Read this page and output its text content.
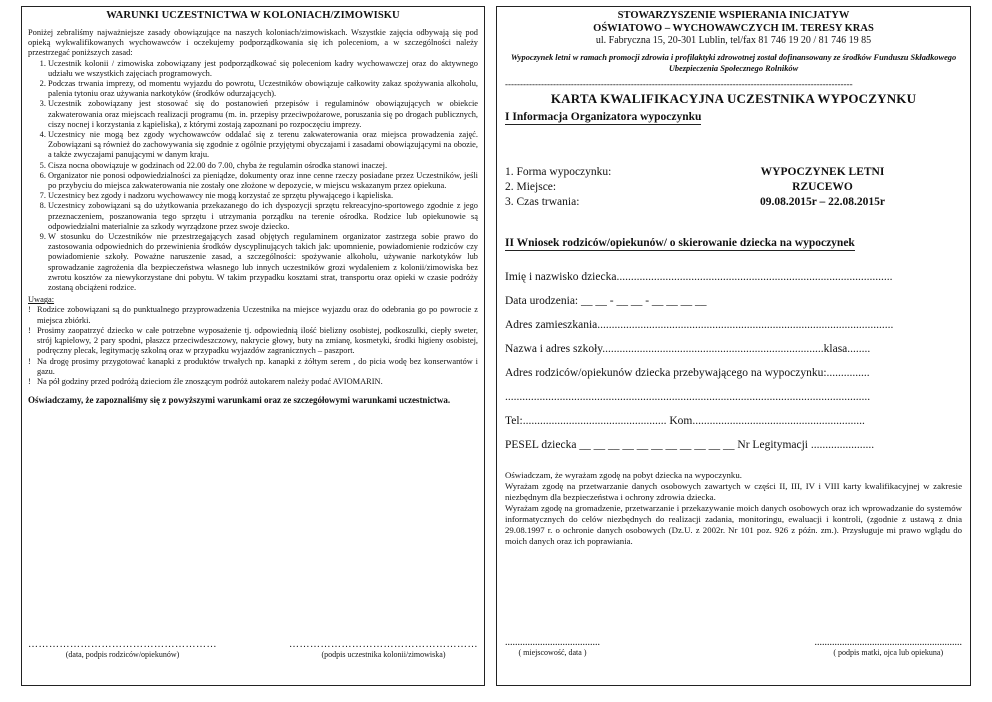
WARUNKI UCZESTNICTWA W KOLONIACH/ZIMOWISKU

Poniżej zebraliśmy najważniejsze zasady obowiązujące na naszych koloniach/zimowiskach. Wszystkie zajęcia odbywają się pod opieką wykwalifikowanych wychowawców i oczekujemy podporządkowania się ich poleceniom, a w szczególności należy przestrzegać poniższych zasad:

1. Uczestnik kolonii / zimowiska zobowiązany jest podporządkować się poleceniom kadry wychowawczej oraz do aktywnego udziału we wszystkich zajęciach programowych.
2. Podczas trwania imprezy, od momentu wyjazdu do powrotu, Uczestników obowiązuje całkowity zakaz spożywania alkoholu, palenia tytoniu oraz używania narkotyków (środków odurzających).
3. Uczestnik zobowiązany jest stosować się do postanowień przepisów i regulaminów obowiązujących w obiekcie zakwaterowania oraz miejscach realizacji programu (m. in. przepisy przeciwpożarowe, poruszania się po drogach publicznych, ciszy nocnej i korzystania z kąpieliska), z którymi zostają zapoznani po rozpoczęciu imprezy.
4. Uczestnicy nie mogą bez zgody wychowawców oddalać się z terenu zakwaterowania oraz miejsca prowadzenia zajęć. Zobowiązani są również do zachowywania się zgodnie z ogólnie przyjętymi obyczajami i zasadami obowiązującymi na obozie, a także zwyczajami panującymi w danym kraju.
5. Cisza nocna obowiązuje w godzinach od 22.00 do 7.00, chyba że regulamin ośrodka stanowi inaczej.
6. Organizator nie ponosi odpowiedzialności za pieniądze, dokumenty oraz inne cenne rzeczy posiadane przez Uczestników, jeśli po przybyciu do miejsca zakwaterowania nie zostały one złożone w depozycie, w miejscu wskazanym przez opiekuna.
7. Uczestnicy bez zgody i nadzoru wychowawcy nie mogą korzystać ze sprzętu pływającego i kąpieliska.
8. Uczestnicy zobowiązani są do użytkowania przekazanego do ich dyspozycji sprzętu rekreacyjno-sportowego zgodnie z jego przeznaczeniem, poszanowania tego sprzętu i utrzymania porządku na terenie ośrodka. Rodzice lub opiekunowie są odpowiedzialni materialnie za szkody wyrządzone przez swoje dziecko.
9. W stosunku do Uczestników nie przestrzegających zasad objętych regulaminem organizator zastrzega sobie prawo do zastosowania odpowiednich do przewinienia środków dyscyplinujących takich jak: upomnienie, powiadomienie rodziców czy powiadomienie szkoły. Poważne naruszenie zasad, a szczególności: spożywanie alkoholu, używanie narkotyków lub sprowadzanie zagrożenia dla bezpieczeństwa własnego lub innych uczestników grozi wydaleniem z kolonii/zimowiska bez zwrotu kosztów za niewykorzystane dni pobytu. W takim przypadku kosztami strat, transportu oraz opieki w czasie podróży zostaną obciążeni rodzice.
Uwaga:
! Rodzice zobowiązani są do punktualnego przyprowadzenia Uczestnika na miejsce wyjazdu oraz do odebrania go po powrocie z miejsca zbiórki.
! Prosimy zaopatrzyć dziecko w całe potrzebne wyposażenie tj. odpowiednią ilość bielizny osobistej, podkoszulki, ciepły sweter, strój kąpielowy, 2 pary spodni, płaszcz przeciwdeszczowy, nakrycie głowy, buty na zmianę, kosmetyki, środki higieny osobistej, podręczny plecak, legitymację szkolną oraz w przypadku wyjazdów zagranicznych – paszport.
! Na drogę prosimy przygotować kanapki z produktów trwałych np. kanapki z żółtym serem , do picia wodę bez konserwantów i gazu.
! Na pół godziny przed podróżą dzieciom źle znoszącym podróż autokarem należy podać AVIOMARIN.

Oświadczamy, że zapoznaliśmy się z powyższymi warunkami oraz ze szczegółowymi warunkami uczestnictwa.

………………………………………………
(data, podpis rodziców/opiekunów)
………………………………………………
(podpis uczestnika kolonii/zimowiska)
STOWARZYSZENIE WSPIERANIA INICJATYW
OŚWIATOWO – WYCHOWAWCZYCH IM. TERESY KRAS
ul. Fabryczna 15, 20-301 Lublin, tel/fax 81 746 19 20 / 81 746 19 85
Wypoczynek letni w ramach promocji zdrowia i profilaktyki zdrowotnej został dofinansowany ze środków Funduszu Składkowego Ubezpieczenia Społecznego Rolników
--------------------------------------------------------------------------------------------------------------------
KARTA KWALIFIKACYJNA UCZESTNIKA WYPOCZYNKU
I Informacja Organizatora wypoczynku
1. Forma wypoczynku:	WYPOCZYNEK LETNI
2. Miejsce:	RZUCEWO
3. Czas trwania:	09.08.2015r – 22.08.2015r
II Wniosek rodziców/opiekunów/ o skierowanie dziecka na wypoczynek

Imię i nazwisko dziecka................................................................................................

Data urodzenia: __ __ - __ __ - __ __ __ __

Adres zamieszkania.......................................................................................................

Nazwa i adres szkoły.............................................................................klasa........

Adres rodziców/opiekunów dziecka przebywającego na wypoczynku:...............

...............................................................................................................................

Tel:.................................................. Kom............................................................

PESEL dziecka __ __ __ __ __ __ __ __ __ __ __ Nr Legitymacji ......................

Oświadczam, że wyrażam zgodę na pobyt dziecka na wypoczynku.

Wyrażam zgodę na przetwarzanie danych osobowych zawartych w części II, III, IV i VIII karty kwalifikacyjnej w zakresie niezbędnym dla bezpieczeństwa i ochrony zdrowia dziecka.

Wyrażam zgodę na gromadzenie, przetwarzanie i przekazywanie moich danych osobowych oraz ich wprowadzanie do systemów informatycznych do celów niezbędnych do realizacji zadania, monitoringu, ewaluacji i kontroli, (zgodnie z ustawą z dnia 29.08.1997 r. o ochronie danych osobowych (Dz.U. z 2002r. Nr 101 poz. 926 z późn. zm.). Przysługuje mi prawo wglądu do moich danych oraz ich poprawiania.

......................................
( miejscowość, data )
...........................................................
( podpis matki, ojca lub opiekuna)
